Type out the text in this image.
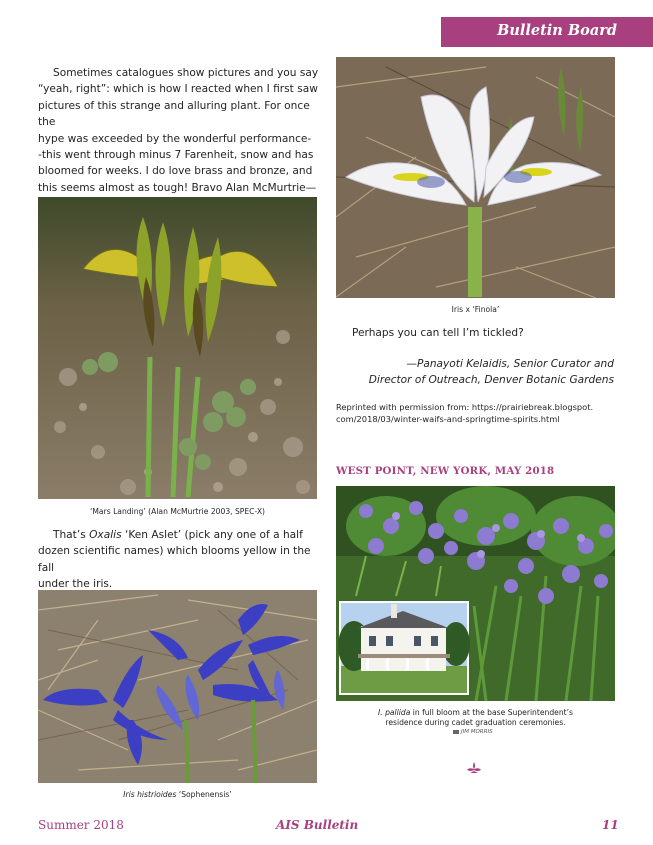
Bulletin Board
Sometimes catalogues show pictures and you say
“yeah, right”: which is how I reacted when I first saw
pictures of this strange and alluring plant. For once the
hype was exceeded by the wonderful performance-
-this went through minus 7 Farenheit, snow and has
bloomed for weeks. I do love brass and bronze, and
this seems almost as tough! Bravo Alan McMurtrie—
‘Mars Landing’ (Alan McMurtrie 2003, SPEC-X)
That’s Oxalis ‘Ken Aslet’ (pick any one of a half
dozen scientific names) which blooms yellow in the fall
under the iris.
Iris histrioides ‘Sophenensis’
Iris x ‘Finola’
Perhaps you can tell I’m tickled?
—Panayoti Kelaidis, Senior Curator and
Director of Outreach, Denver Botanic Gardens
Reprinted with permission from: https://prairiebreak.blogspot.
com/2018/03/winter-waifs-and-springtime-spirits.html
WEST POINT, NEW YORK, MAY 2018
I. pallida in full bloom at the base Superintendent’s
residence during cadet graduation ceremonies.
JIM MORRIS
Summer 2018	AIS Bulletin	11
